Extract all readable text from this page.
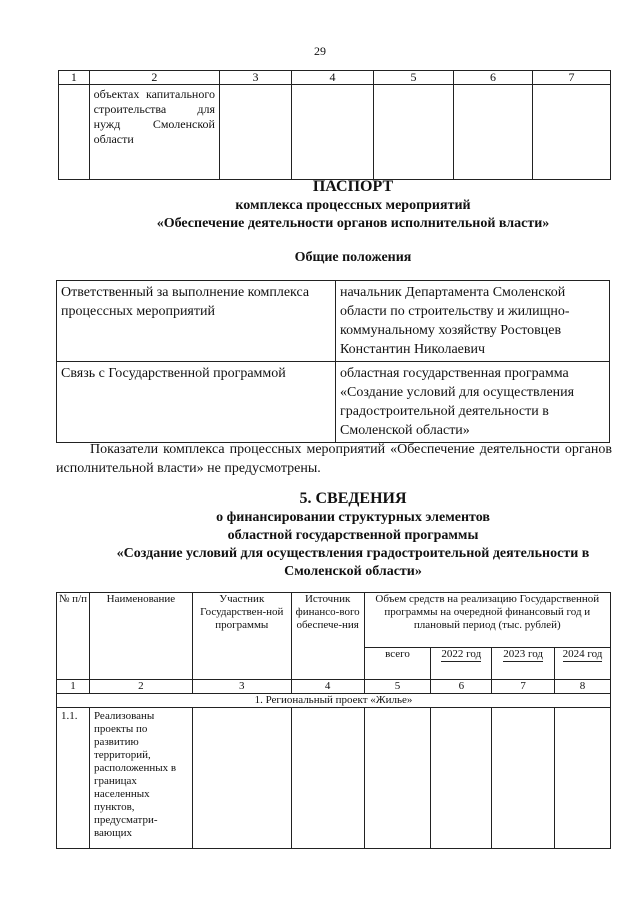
29
1	2	3	4	5	6	7
	объектах капитального строительства для нужд Смоленской области					
ПАСПОРТ
комплекса процессных мероприятий
«Обеспечение деятельности органов исполнительной власти»
Общие положения
Ответственный за выполнение комплекса процессных мероприятий	начальник Департамента Смоленской области по строительству и жилищно-коммунальному хозяйству Ростовцев Константин Николаевич
Связь с Государственной программой	областная государственная программа «Создание условий для осуществления градостроительной деятельности в Смоленской области»
Показатели комплекса процессных мероприятий «Обеспечение деятельности органов исполнительной власти» не предусмотрены.
5. СВЕДЕНИЯ
о финансировании структурных элементов
областной государственной программы
«Создание условий для осуществления градостроительной деятельности в
Смоленской области»
№ п/п	Наименование	Участник Государствен-ной программы	Источник финансо-вого обеспече-ния	Объем средств на реализацию Государственной программы на очередной финансовый год и плановый период (тыс. рублей)			
				всего	2022 год	2023 год	2024 год
1	2	3	4	5	6	7	8
1. Региональный проект «Жилье»							
1.1.	Реализованы проекты по развитию территорий, расположенных в границах населенных пунктов, предусматри-вающих						
